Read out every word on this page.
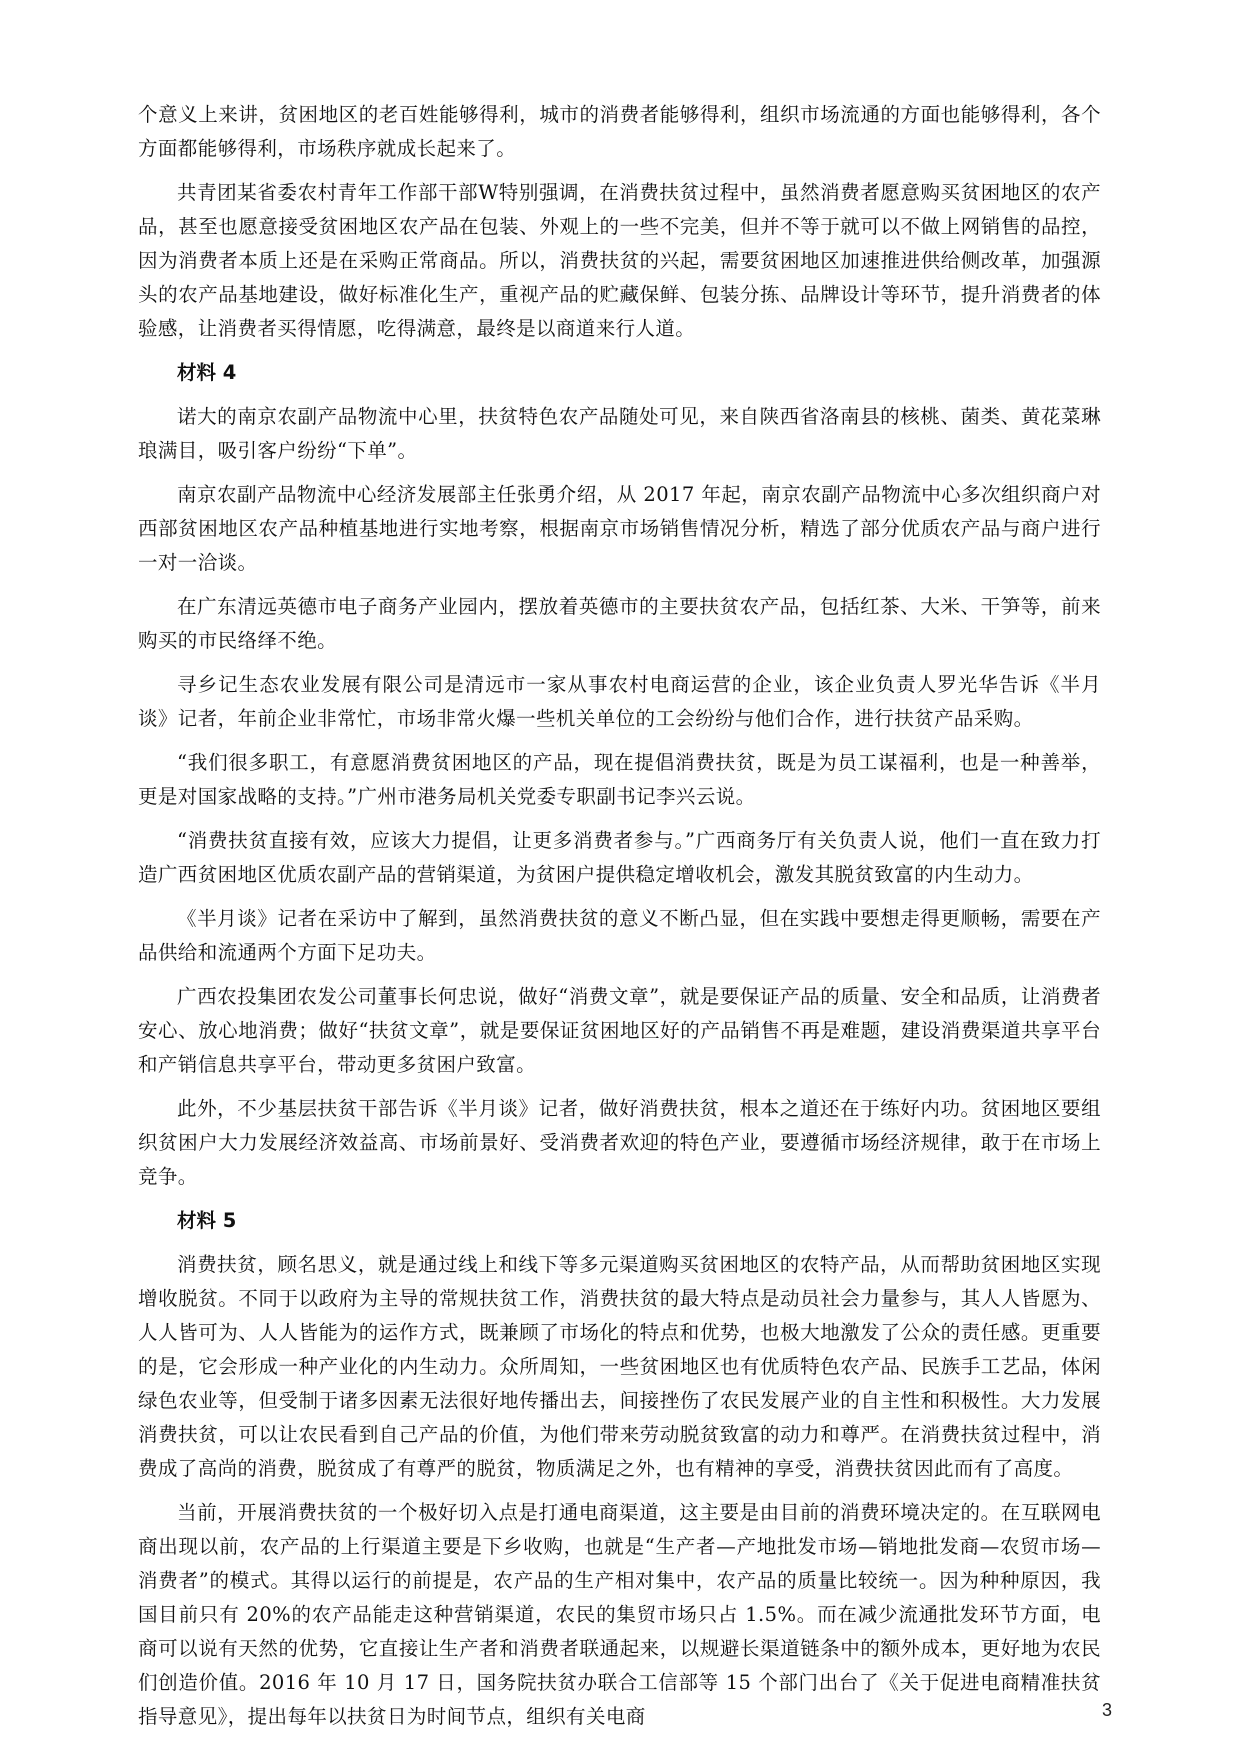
个意义上来讲，贫困地区的老百姓能够得利，城市的消费者能够得利，组织市场流通的方面也能够得利，各个方面都能够得利，市场秩序就成长起来了。

共青团某省委农村青年工作部干部W特别强调，在消费扶贫过程中，虽然消费者愿意购买贫困地区的农产品，甚至也愿意接受贫困地区农产品在包装、外观上的一些不完美，但并不等于就可以不做上网销售的品控，因为消费者本质上还是在采购正常商品。所以，消费扶贫的兴起，需要贫困地区加速推进供给侧改革，加强源头的农产品基地建设，做好标准化生产，重视产品的贮藏保鲜、包装分拣、品牌设计等环节，提升消费者的体验感，让消费者买得情愿，吃得满意，最终是以商道来行人道。

材料 4

诺大的南京农副产品物流中心里，扶贫特色农产品随处可见，来自陕西省洛南县的核桃、菌类、黄花菜琳琅满目，吸引客户纷纷“下单”。

南京农副产品物流中心经济发展部主任张勇介绍，从 2017 年起，南京农副产品物流中心多次组织商户对西部贫困地区农产品种植基地进行实地考察，根据南京市场销售情况分析，精选了部分优质农产品与商户进行一对一洽谈。

在广东清远英德市电子商务产业园内，摆放着英德市的主要扶贫农产品，包括红茶、大米、干笋等，前来购买的市民络绎不绝。

寻乡记生态农业发展有限公司是清远市一家从事农村电商运营的企业，该企业负责人罗光华告诉《半月谈》记者，年前企业非常忙，市场非常火爆一些机关单位的工会纷纷与他们合作，进行扶贫产品采购。

“我们很多职工，有意愿消费贫困地区的产品，现在提倡消费扶贫，既是为员工谋福利，也是一种善举，更是对国家战略的支持。”广州市港务局机关党委专职副书记李兴云说。

“消费扶贫直接有效，应该大力提倡，让更多消费者参与。”广西商务厅有关负责人说，他们一直在致力打造广西贫困地区优质农副产品的营销渠道，为贫困户提供稳定增收机会，激发其脱贫致富的内生动力。

《半月谈》记者在采访中了解到，虽然消费扶贫的意义不断凸显，但在实践中要想走得更顺畅，需要在产品供给和流通两个方面下足功夫。

广西农投集团农发公司董事长何忠说，做好“消费文章”，就是要保证产品的质量、安全和品质，让消费者安心、放心地消费；做好“扶贫文章”，就是要保证贫困地区好的产品销售不再是难题，建设消费渠道共享平台和产销信息共享平台，带动更多贫困户致富。

此外，不少基层扶贫干部告诉《半月谈》记者，做好消费扶贫，根本之道还在于练好内功。贫困地区要组织贫困户大力发展经济效益高、市场前景好、受消费者欢迎的特色产业，要遵循市场经济规律，敢于在市场上竞争。

材料 5

消费扶贫，顾名思义，就是通过线上和线下等多元渠道购买贫困地区的农特产品，从而帮助贫困地区实现增收脱贫。不同于以政府为主导的常规扶贫工作，消费扶贫的最大特点是动员社会力量参与，其人人皆愿为、人人皆可为、人人皆能为的运作方式，既兼顾了市场化的特点和优势，也极大地激发了公众的责任感。更重要的是，它会形成一种产业化的内生动力。众所周知，一些贫困地区也有优质特色农产品、民族手工艺品，体闲绿色农业等，但受制于诸多因素无法很好地传播出去，间接挫伤了农民发展产业的自主性和积极性。大力发展消费扶贫，可以让农民看到自己产品的价值，为他们带来劳动脱贫致富的动力和尊严。在消费扶贫过程中，消费成了高尚的消费，脱贫成了有尊严的脱贫，物质满足之外，也有精神的享受，消费扶贫因此而有了高度。

当前，开展消费扶贫的一个极好切入点是打通电商渠道，这主要是由目前的消费环境决定的。在互联网电商出现以前，农产品的上行渠道主要是下乡收购，也就是“生产者—产地批发市场—销地批发商—农贸市场—消费者”的模式。其得以运行的前提是，农产品的生产相对集中，农产品的质量比较统一。因为种种原因，我国目前只有 20%的农产品能走这种营销渠道，农民的集贸市场只占 1.5%。而在减少流通批发环节方面，电商可以说有天然的优势，它直接让生产者和消费者联通起来，以规避长渠道链条中的额外成本，更好地为农民们创造价值。2016 年 10 月 17 日，国务院扶贫办联合工信部等 15 个部门出台了《关于促进电商精准扶贫指导意见》，提出每年以扶贫日为时间节点，组织有关电商	3
